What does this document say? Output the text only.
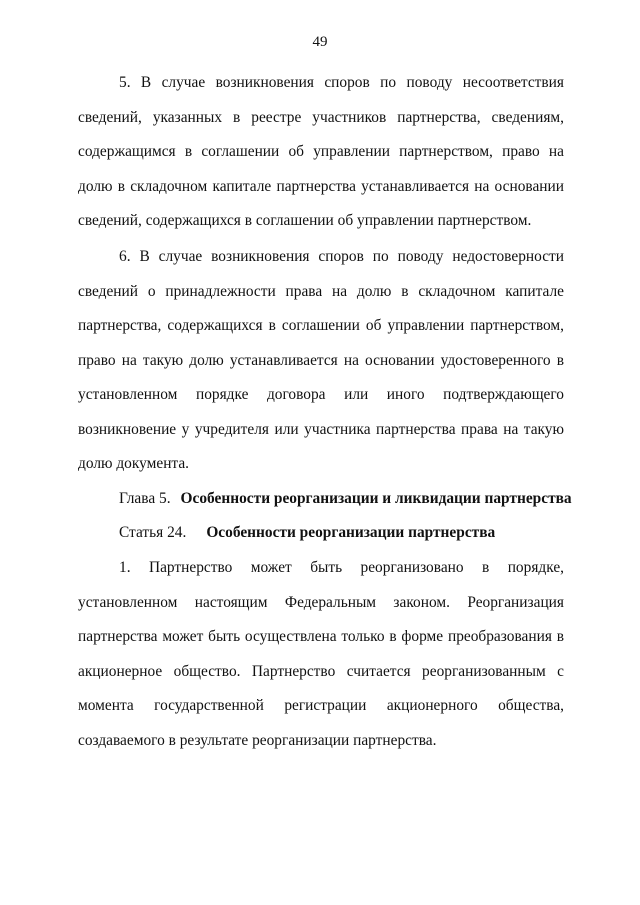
49

5. В случае возникновения споров по поводу несоответствия сведений, указанных в реестре участников партнерства, сведениям, содержащимся в соглашении об управлении партнерством, право на долю в складочном капитале партнерства устанавливается на основании сведений, содержащихся в соглашении об управлении партнерством.

6. В случае возникновения споров по поводу недостоверности сведений о принадлежности права на долю в складочном капитале партнерства, содержащихся в соглашении об управлении партнерством, право на такую долю устанавливается на основании удостоверенного в установленном порядке договора или иного подтверждающего возникновение у учредителя или участника партнерства права на такую долю документа.

Глава 5. Особенности реорганизации и ликвидации партнерства
Статья 24. Особенности реорганизации партнерства

1. Партнерство может быть реорганизовано в порядке, установленном настоящим Федеральным законом. Реорганизация партнерства может быть осуществлена только в форме преобразования в акционерное общество. Партнерство считается реорганизованным с момента государственной регистрации акционерного общества, создаваемого в результате реорганизации партнерства.
